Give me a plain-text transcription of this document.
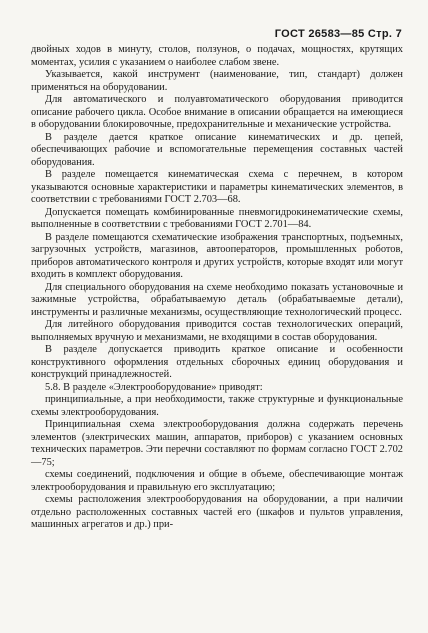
ГОСТ 26583—85 Стр. 7

двойных ходов в минуту, столов, ползунов, о подачах, мощностях, крутящих моментах, усилия с указанием о наиболее слабом звене.

Указывается, какой инструмент (наименование, тип, стандарт) должен применяться на оборудовании.

Для автоматического и полуавтоматического оборудования приводится описание рабочего цикла. Особое внимание в описании обращается на имеющиеся в оборудовании блокировочные, предохранительные и механические устройства.

В разделе дается краткое описание кинематических и др. цепей, обеспечивающих рабочие и вспомогательные перемещения составных частей оборудования.

В разделе помещается кинематическая схема с перечнем, в котором указываются основные характеристики и параметры кинематических элементов, в соответствии с требованиями ГОСТ 2.703—68.

Допускается помещать комбинированные пневмогидрокинематические схемы, выполненные в соответствии с требованиями ГОСТ 2.701—84.

В разделе помещаются схематические изображения транспортных, подъемных, загрузочных устройств, магазинов, автооператоров, промышленных роботов, приборов автоматического контроля и других устройств, которые входят или могут входить в комплект оборудования.

Для специального оборудования на схеме необходимо показать установочные и зажимные устройства, обрабатываемую деталь (обрабатываемые детали), инструменты и различные механизмы, осуществляющие технологический процесс.

Для литейного оборудования приводится состав технологических операций, выполняемых вручную и механизмами, не входящими в состав оборудования.

В разделе допускается приводить краткое описание и особенности конструктивного оформления отдельных сборочных единиц оборудования и конструкций принадлежностей.

5.8. В разделе «Электрооборудование» приводят:

принципиальные, а при необходимости, также структурные и функциональные схемы электрооборудования.

Принципиальная схема электрооборудования должна содержать перечень элементов (электрических машин, аппаратов, приборов) с указанием основных технических параметров. Эти перечни составляют по формам согласно ГОСТ 2.702—75;

схемы соединений, подключения и общие в объеме, обеспечивающие монтаж электрооборудования и правильную его эксплуатацию;

схемы расположения электрооборудования на оборудовании, а при наличии отдельно расположенных составных частей его (шкафов и пультов управления, машинных агрегатов и др.) при-
